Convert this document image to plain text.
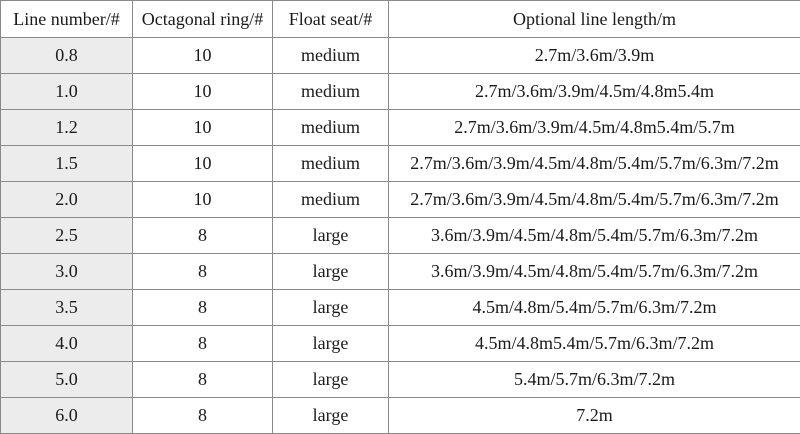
Line number/#	Octagonal ring/#	Float seat/#	Optional line length/m
0.8	10	medium	2.7m/3.6m/3.9m
1.0	10	medium	2.7m/3.6m/3.9m/4.5m/4.8m5.4m
1.2	10	medium	2.7m/3.6m/3.9m/4.5m/4.8m5.4m/5.7m
1.5	10	medium	2.7m/3.6m/3.9m/4.5m/4.8m/5.4m/5.7m/6.3m/7.2m
2.0	10	medium	2.7m/3.6m/3.9m/4.5m/4.8m/5.4m/5.7m/6.3m/7.2m
2.5	8	large	3.6m/3.9m/4.5m/4.8m/5.4m/5.7m/6.3m/7.2m
3.0	8	large	3.6m/3.9m/4.5m/4.8m/5.4m/5.7m/6.3m/7.2m
3.5	8	large	4.5m/4.8m/5.4m/5.7m/6.3m/7.2m
4.0	8	large	4.5m/4.8m5.4m/5.7m/6.3m/7.2m
5.0	8	large	5.4m/5.7m/6.3m/7.2m
6.0	8	large	7.2m
